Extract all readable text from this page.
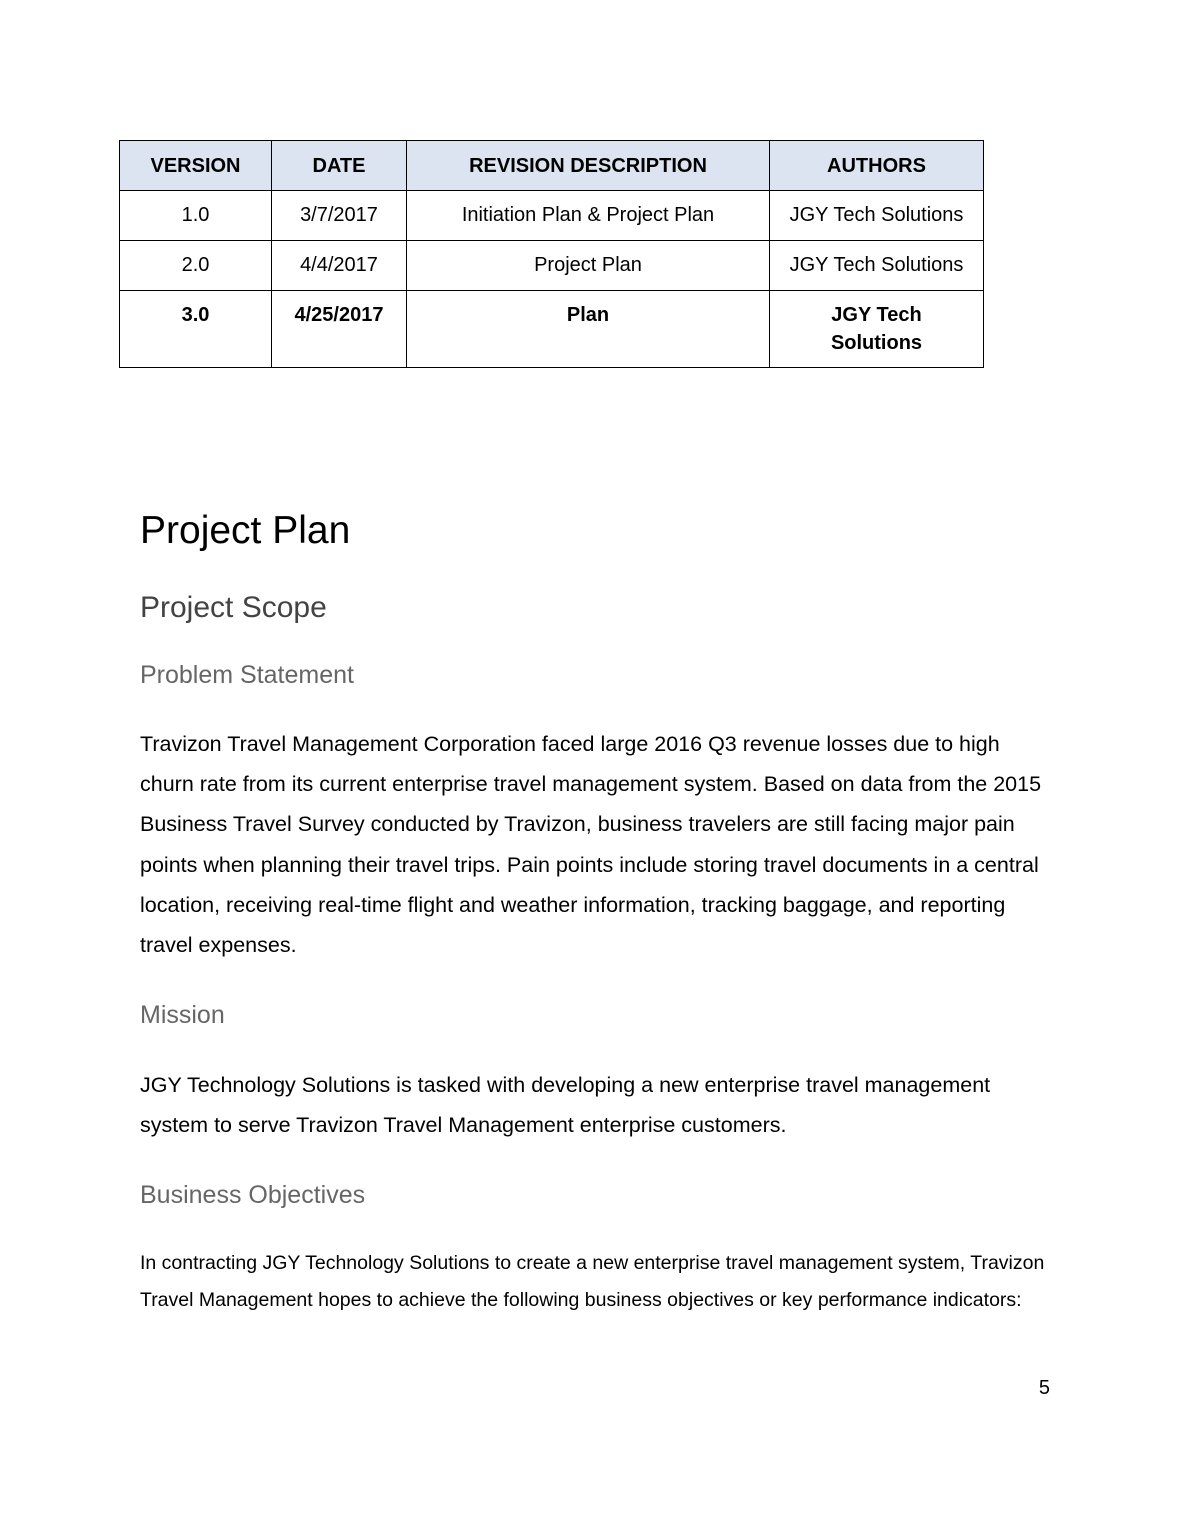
VERSION	DATE	REVISION DESCRIPTION	AUTHORS
1.0	3/7/2017	Initiation Plan & Project Plan	JGY Tech Solutions
2.0	4/4/2017	Project Plan	JGY Tech Solutions
3.0	4/25/2017	Plan	JGY Tech Solutions
Project Plan
Project Scope
Problem Statement

Travizon Travel Management Corporation faced large 2016 Q3 revenue losses due to high churn rate from its current enterprise travel management system. Based on data from the 2015 Business Travel Survey conducted by Travizon, business travelers are still facing major pain points when planning their travel trips. Pain points include storing travel documents in a central location, receiving real-time flight and weather information, tracking baggage, and reporting travel expenses.

Mission

JGY Technology Solutions is tasked with developing a new enterprise travel management system to serve Travizon Travel Management enterprise customers.

Business Objectives

In contracting JGY Technology Solutions to create a new enterprise travel management system, Travizon Travel Management hopes to achieve the following business objectives or key performance indicators:

5
